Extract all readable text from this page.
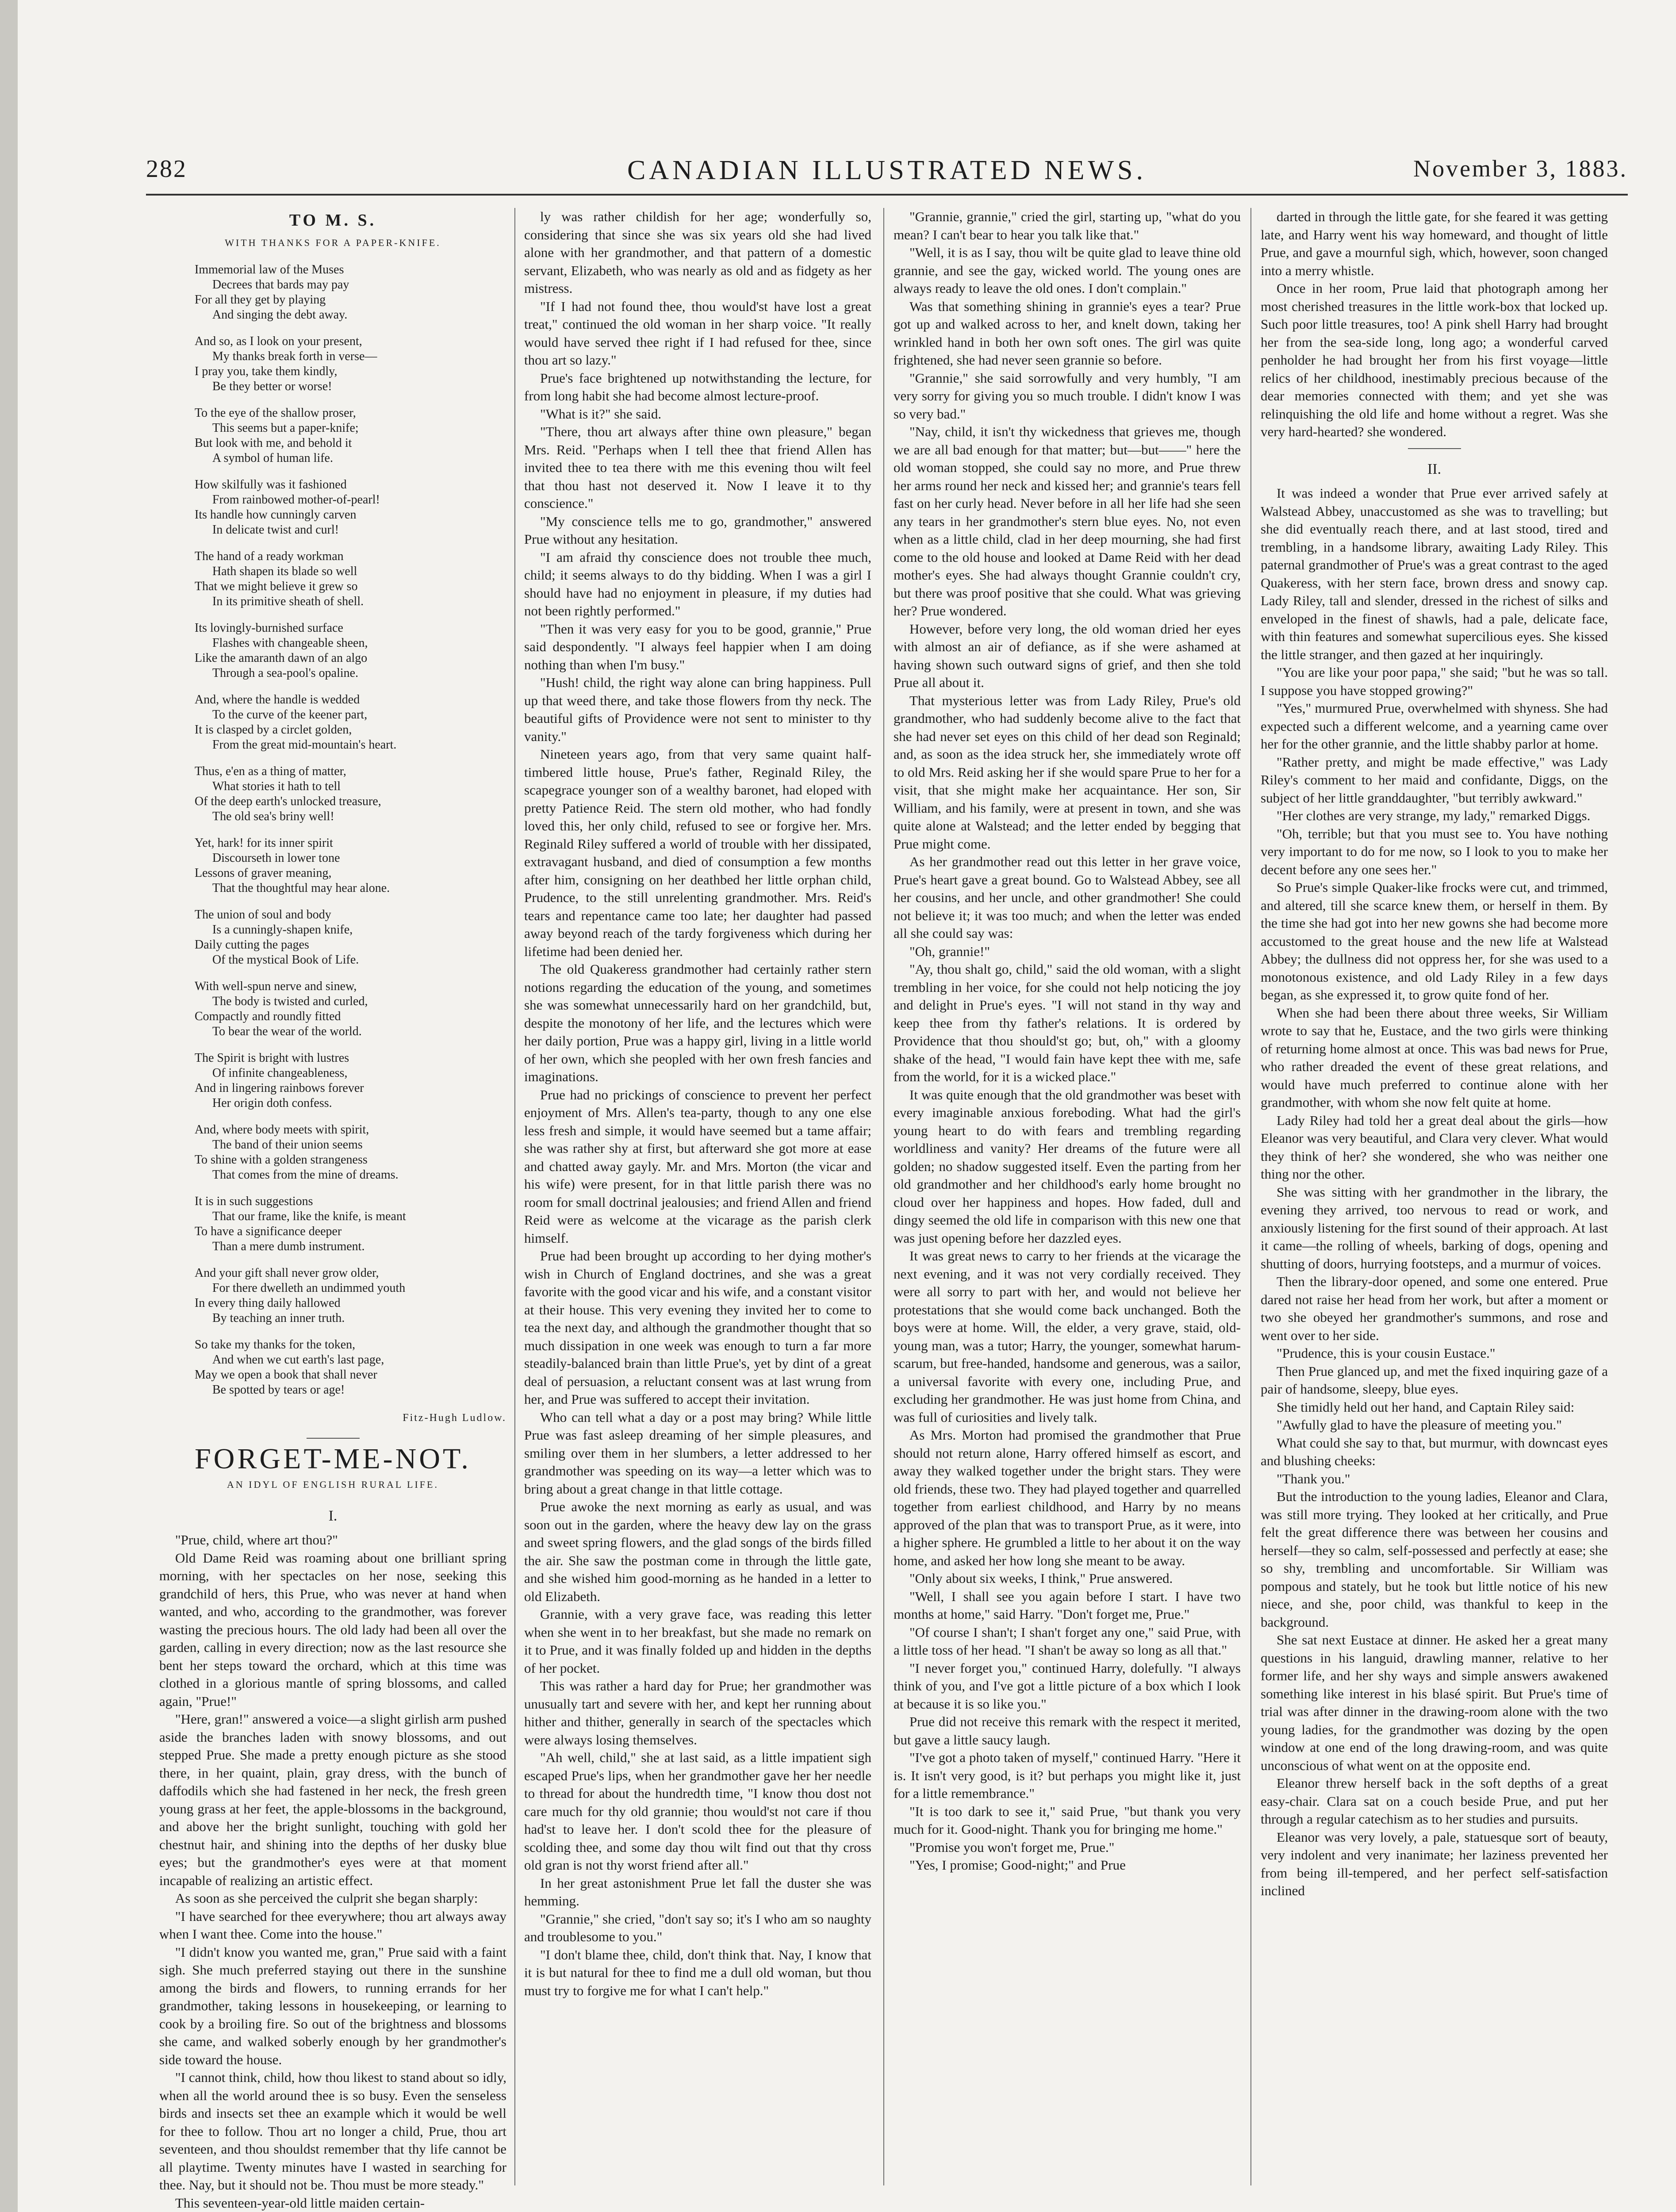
282	CANADIAN ILLUSTRATED NEWS.	November 3, 1883.
TO M. S.
WITH THANKS FOR A PAPER-KNIFE.
Immemorial law of the Muses
Decrees that bards may pay
For all they get by playing
And singing the debt away.
And so, as I look on your present,
My thanks break forth in verse—
I pray you, take them kindly,
Be they better or worse!
To the eye of the shallow proser,
This seems but a paper-knife;
But look with me, and behold it
A symbol of human life.
How skilfully was it fashioned
From rainbowed mother-of-pearl!
Its handle how cunningly carven
In delicate twist and curl!
The hand of a ready workman
Hath shapen its blade so well
That we might believe it grew so
In its primitive sheath of shell.
Its lovingly-burnished surface
Flashes with changeable sheen,
Like the amaranth dawn of an algo
Through a sea-pool's opaline.
And, where the handle is wedded
To the curve of the keener part,
It is clasped by a circlet golden,
From the great mid-mountain's heart.
Thus, e'en as a thing of matter,
What stories it hath to tell
Of the deep earth's unlocked treasure,
The old sea's briny well!
Yet, hark! for its inner spirit
Discourseth in lower tone
Lessons of graver meaning,
That the thoughtful may hear alone.
The union of soul and body
Is a cunningly-shapen knife,
Daily cutting the pages
Of the mystical Book of Life.
With well-spun nerve and sinew,
The body is twisted and curled,
Compactly and roundly fitted
To bear the wear of the world.
The Spirit is bright with lustres
Of infinite changeableness,
And in lingering rainbows forever
Her origin doth confess.
And, where body meets with spirit,
The band of their union seems
To shine with a golden strangeness
That comes from the mine of dreams.
It is in such suggestions
That our frame, like the knife, is meant
To have a significance deeper
Than a mere dumb instrument.
And your gift shall never grow older,
For there dwelleth an undimmed youth
In every thing daily hallowed
By teaching an inner truth.
So take my thanks for the token,
And when we cut earth's last page,
May we open a book that shall never
Be spotted by tears or age!
Fitz-Hugh Ludlow.
FORGET-ME-NOT.
AN IDYL OF ENGLISH RURAL LIFE.
I.

"Prue, child, where art thou?"

Old Dame Reid was roaming about one brilliant spring morning, with her spectacles on her nose, seeking this grandchild of hers, this Prue, who was never at hand when wanted, and who, according to the grandmother, was forever wasting the precious hours. The old lady had been all over the garden, calling in every direction; now as the last resource she bent her steps toward the orchard, which at this time was clothed in a glorious mantle of spring blossoms, and called again, "Prue!"

"Here, gran!" answered a voice—a slight girlish arm pushed aside the branches laden with snowy blossoms, and out stepped Prue. She made a pretty enough picture as she stood there, in her quaint, plain, gray dress, with the bunch of daffodils which she had fastened in her neck, the fresh green young grass at her feet, the apple-blossoms in the background, and above her the bright sunlight, touching with gold her chestnut hair, and shining into the depths of her dusky blue eyes; but the grandmother's eyes were at that moment incapable of realizing an artistic effect.

As soon as she perceived the culprit she began sharply:

"I have searched for thee everywhere; thou art always away when I want thee. Come into the house."

"I didn't know you wanted me, gran," Prue said with a faint sigh. She much preferred staying out there in the sunshine among the birds and flowers, to running errands for her grandmother, taking lessons in housekeeping, or learning to cook by a broiling fire. So out of the brightness and blossoms she came, and walked soberly enough by her grandmother's side toward the house.

"I cannot think, child, how thou likest to stand about so idly, when all the world around thee is so busy. Even the senseless birds and insects set thee an example which it would be well for thee to follow. Thou art no longer a child, Prue, thou art seventeen, and thou shouldst remember that thy life cannot be all playtime. Twenty minutes have I wasted in searching for thee. Nay, but it should not be. Thou must be more steady."

This seventeen-year-old little maiden certain-

ly was rather childish for her age; wonderfully so, considering that since she was six years old she had lived alone with her grandmother, and that pattern of a domestic servant, Elizabeth, who was nearly as old and as fidgety as her mistress.

"If I had not found thee, thou would'st have lost a great treat," continued the old woman in her sharp voice. "It really would have served thee right if I had refused for thee, since thou art so lazy."

Prue's face brightened up notwithstanding the lecture, for from long habit she had become almost lecture-proof.

"What is it?" she said.

"There, thou art always after thine own pleasure," began Mrs. Reid. "Perhaps when I tell thee that friend Allen has invited thee to tea there with me this evening thou wilt feel that thou hast not deserved it. Now I leave it to thy conscience."

"My conscience tells me to go, grandmother," answered Prue without any hesitation.

"I am afraid thy conscience does not trouble thee much, child; it seems always to do thy bidding. When I was a girl I should have had no enjoyment in pleasure, if my duties had not been rightly performed."

"Then it was very easy for you to be good, grannie," Prue said despondently. "I always feel happier when I am doing nothing than when I'm busy."

"Hush! child, the right way alone can bring happiness. Pull up that weed there, and take those flowers from thy neck. The beautiful gifts of Providence were not sent to minister to thy vanity."

Nineteen years ago, from that very same quaint half-timbered little house, Prue's father, Reginald Riley, the scapegrace younger son of a wealthy baronet, had eloped with pretty Patience Reid. The stern old mother, who had fondly loved this, her only child, refused to see or forgive her. Mrs. Reginald Riley suffered a world of trouble with her dissipated, extravagant husband, and died of consumption a few months after him, consigning on her deathbed her little orphan child, Prudence, to the still unrelenting grandmother. Mrs. Reid's tears and repentance came too late; her daughter had passed away beyond reach of the tardy forgiveness which during her lifetime had been denied her.

The old Quakeress grandmother had certainly rather stern notions regarding the education of the young, and sometimes she was somewhat unnecessarily hard on her grandchild, but, despite the monotony of her life, and the lectures which were her daily portion, Prue was a happy girl, living in a little world of her own, which she peopled with her own fresh fancies and imaginations.

Prue had no prickings of conscience to prevent her perfect enjoyment of Mrs. Allen's tea-party, though to any one else less fresh and simple, it would have seemed but a tame affair; she was rather shy at first, but afterward she got more at ease and chatted away gayly. Mr. and Mrs. Morton (the vicar and his wife) were present, for in that little parish there was no room for small doctrinal jealousies; and friend Allen and friend Reid were as welcome at the vicarage as the parish clerk himself.

Prue had been brought up according to her dying mother's wish in Church of England doctrines, and she was a great favorite with the good vicar and his wife, and a constant visitor at their house. This very evening they invited her to come to tea the next day, and although the grandmother thought that so much dissipation in one week was enough to turn a far more steadily-balanced brain than little Prue's, yet by dint of a great deal of persuasion, a reluctant consent was at last wrung from her, and Prue was suffered to accept their invitation.

Who can tell what a day or a post may bring? While little Prue was fast asleep dreaming of her simple pleasures, and smiling over them in her slumbers, a letter addressed to her grandmother was speeding on its way—a letter which was to bring about a great change in that little cottage.

Prue awoke the next morning as early as usual, and was soon out in the garden, where the heavy dew lay on the grass and sweet spring flowers, and the glad songs of the birds filled the air. She saw the postman come in through the little gate, and she wished him good-morning as he handed in a letter to old Elizabeth.

Grannie, with a very grave face, was reading this letter when she went in to her breakfast, but she made no remark on it to Prue, and it was finally folded up and hidden in the depths of her pocket.

This was rather a hard day for Prue; her grandmother was unusually tart and severe with her, and kept her running about hither and thither, generally in search of the spectacles which were always losing themselves.

"Ah well, child," she at last said, as a little impatient sigh escaped Prue's lips, when her grandmother gave her her needle to thread for about the hundredth time, "I know thou dost not care much for thy old grannie; thou would'st not care if thou had'st to leave her. I don't scold thee for the pleasure of scolding thee, and some day thou wilt find out that thy cross old gran is not thy worst friend after all."

In her great astonishment Prue let fall the duster she was hemming.

"Grannie," she cried, "don't say so; it's I who am so naughty and troublesome to you."

"I don't blame thee, child, don't think that. Nay, I know that it is but natural for thee to find me a dull old woman, but thou must try to forgive me for what I can't help."

"Grannie, grannie," cried the girl, starting up, "what do you mean? I can't bear to hear you talk like that."

"Well, it is as I say, thou wilt be quite glad to leave thine old grannie, and see the gay, wicked world. The young ones are always ready to leave the old ones. I don't complain."

Was that something shining in grannie's eyes a tear? Prue got up and walked across to her, and knelt down, taking her wrinkled hand in both her own soft ones. The girl was quite frightened, she had never seen grannie so before.

"Grannie," she said sorrowfully and very humbly, "I am very sorry for giving you so much trouble. I didn't know I was so very bad."

"Nay, child, it isn't thy wickedness that grieves me, though we are all bad enough for that matter; but—but——" here the old woman stopped, she could say no more, and Prue threw her arms round her neck and kissed her; and grannie's tears fell fast on her curly head. Never before in all her life had she seen any tears in her grandmother's stern blue eyes. No, not even when as a little child, clad in her deep mourning, she had first come to the old house and looked at Dame Reid with her dead mother's eyes. She had always thought Grannie couldn't cry, but there was proof positive that she could. What was grieving her? Prue wondered.

However, before very long, the old woman dried her eyes with almost an air of defiance, as if she were ashamed at having shown such outward signs of grief, and then she told Prue all about it.

That mysterious letter was from Lady Riley, Prue's old grandmother, who had suddenly become alive to the fact that she had never set eyes on this child of her dead son Reginald; and, as soon as the idea struck her, she immediately wrote off to old Mrs. Reid asking her if she would spare Prue to her for a visit, that she might make her acquaintance. Her son, Sir William, and his family, were at present in town, and she was quite alone at Walstead; and the letter ended by begging that Prue might come.

As her grandmother read out this letter in her grave voice, Prue's heart gave a great bound. Go to Walstead Abbey, see all her cousins, and her uncle, and other grandmother! She could not believe it; it was too much; and when the letter was ended all she could say was:

"Oh, grannie!"

"Ay, thou shalt go, child," said the old woman, with a slight trembling in her voice, for she could not help noticing the joy and delight in Prue's eyes. "I will not stand in thy way and keep thee from thy father's relations. It is ordered by Providence that thou should'st go; but, oh," with a gloomy shake of the head, "I would fain have kept thee with me, safe from the world, for it is a wicked place."

It was quite enough that the old grandmother was beset with every imaginable anxious foreboding. What had the girl's young heart to do with fears and trembling regarding worldliness and vanity? Her dreams of the future were all golden; no shadow suggested itself. Even the parting from her old grandmother and her childhood's early home brought no cloud over her happiness and hopes. How faded, dull and dingy seemed the old life in comparison with this new one that was just opening before her dazzled eyes.

It was great news to carry to her friends at the vicarage the next evening, and it was not very cordially received. They were all sorry to part with her, and would not believe her protestations that she would come back unchanged. Both the boys were at home. Will, the elder, a very grave, staid, old-young man, was a tutor; Harry, the younger, somewhat harum-scarum, but free-handed, handsome and generous, was a sailor, a universal favorite with every one, including Prue, and excluding her grandmother. He was just home from China, and was full of curiosities and lively talk.

As Mrs. Morton had promised the grandmother that Prue should not return alone, Harry offered himself as escort, and away they walked together under the bright stars. They were old friends, these two. They had played together and quarrelled together from earliest childhood, and Harry by no means approved of the plan that was to transport Prue, as it were, into a higher sphere. He grumbled a little to her about it on the way home, and asked her how long she meant to be away.

"Only about six weeks, I think," Prue answered.

"Well, I shall see you again before I start. I have two months at home," said Harry. "Don't forget me, Prue."

"Of course I shan't; I shan't forget any one," said Prue, with a little toss of her head. "I shan't be away so long as all that."

"I never forget you," continued Harry, dolefully. "I always think of you, and I've got a little picture of a box which I look at because it is so like you."

Prue did not receive this remark with the respect it merited, but gave a little saucy laugh.

"I've got a photo taken of myself," continued Harry. "Here it is. It isn't very good, is it? but perhaps you might like it, just for a little remembrance."

"It is too dark to see it," said Prue, "but thank you very much for it. Good-night. Thank you for bringing me home."

"Promise you won't forget me, Prue."

"Yes, I promise; Good-night;" and Prue

darted in through the little gate, for she feared it was getting late, and Harry went his way homeward, and thought of little Prue, and gave a mournful sigh, which, however, soon changed into a merry whistle.

Once in her room, Prue laid that photograph among her most cherished treasures in the little work-box that locked up. Such poor little treasures, too! A pink shell Harry had brought her from the sea-side long, long ago; a wonderful carved penholder he had brought her from his first voyage—little relics of her childhood, inestimably precious because of the dear memories connected with them; and yet she was relinquishing the old life and home without a regret. Was she very hard-hearted? she wondered.

II.

It was indeed a wonder that Prue ever arrived safely at Walstead Abbey, unaccustomed as she was to travelling; but she did eventually reach there, and at last stood, tired and trembling, in a handsome library, awaiting Lady Riley. This paternal grandmother of Prue's was a great contrast to the aged Quakeress, with her stern face, brown dress and snowy cap. Lady Riley, tall and slender, dressed in the richest of silks and enveloped in the finest of shawls, had a pale, delicate face, with thin features and somewhat supercilious eyes. She kissed the little stranger, and then gazed at her inquiringly.

"You are like your poor papa," she said; "but he was so tall. I suppose you have stopped growing?"

"Yes," murmured Prue, overwhelmed with shyness. She had expected such a different welcome, and a yearning came over her for the other grannie, and the little shabby parlor at home.

"Rather pretty, and might be made effective," was Lady Riley's comment to her maid and confidante, Diggs, on the subject of her little granddaughter, "but terribly awkward."

"Her clothes are very strange, my lady," remarked Diggs.

"Oh, terrible; but that you must see to. You have nothing very important to do for me now, so I look to you to make her decent before any one sees her."

So Prue's simple Quaker-like frocks were cut, and trimmed, and altered, till she scarce knew them, or herself in them. By the time she had got into her new gowns she had become more accustomed to the great house and the new life at Walstead Abbey; the dullness did not oppress her, for she was used to a monotonous existence, and old Lady Riley in a few days began, as she expressed it, to grow quite fond of her.

When she had been there about three weeks, Sir William wrote to say that he, Eustace, and the two girls were thinking of returning home almost at once. This was bad news for Prue, who rather dreaded the event of these great relations, and would have much preferred to continue alone with her grandmother, with whom she now felt quite at home.

Lady Riley had told her a great deal about the girls—how Eleanor was very beautiful, and Clara very clever. What would they think of her? she wondered, she who was neither one thing nor the other.

She was sitting with her grandmother in the library, the evening they arrived, too nervous to read or work, and anxiously listening for the first sound of their approach. At last it came—the rolling of wheels, barking of dogs, opening and shutting of doors, hurrying footsteps, and a murmur of voices.

Then the library-door opened, and some one entered. Prue dared not raise her head from her work, but after a moment or two she obeyed her grandmother's summons, and rose and went over to her side.

"Prudence, this is your cousin Eustace."

Then Prue glanced up, and met the fixed inquiring gaze of a pair of handsome, sleepy, blue eyes.

She timidly held out her hand, and Captain Riley said:

"Awfully glad to have the pleasure of meeting you."

What could she say to that, but murmur, with downcast eyes and blushing cheeks:

"Thank you."

But the introduction to the young ladies, Eleanor and Clara, was still more trying. They looked at her critically, and Prue felt the great difference there was between her cousins and herself—they so calm, self-possessed and perfectly at ease; she so shy, trembling and uncomfortable. Sir William was pompous and stately, but he took but little notice of his new niece, and she, poor child, was thankful to keep in the background.

She sat next Eustace at dinner. He asked her a great many questions in his languid, drawling manner, relative to her former life, and her shy ways and simple answers awakened something like interest in his blasé spirit. But Prue's time of trial was after dinner in the drawing-room alone with the two young ladies, for the grandmother was dozing by the open window at one end of the long drawing-room, and was quite unconscious of what went on at the opposite end.

Eleanor threw herself back in the soft depths of a great easy-chair. Clara sat on a couch beside Prue, and put her through a regular catechism as to her studies and pursuits.

Eleanor was very lovely, a pale, statuesque sort of beauty, very indolent and very inanimate; her laziness prevented her from being ill-tempered, and her perfect self-satisfaction inclined
